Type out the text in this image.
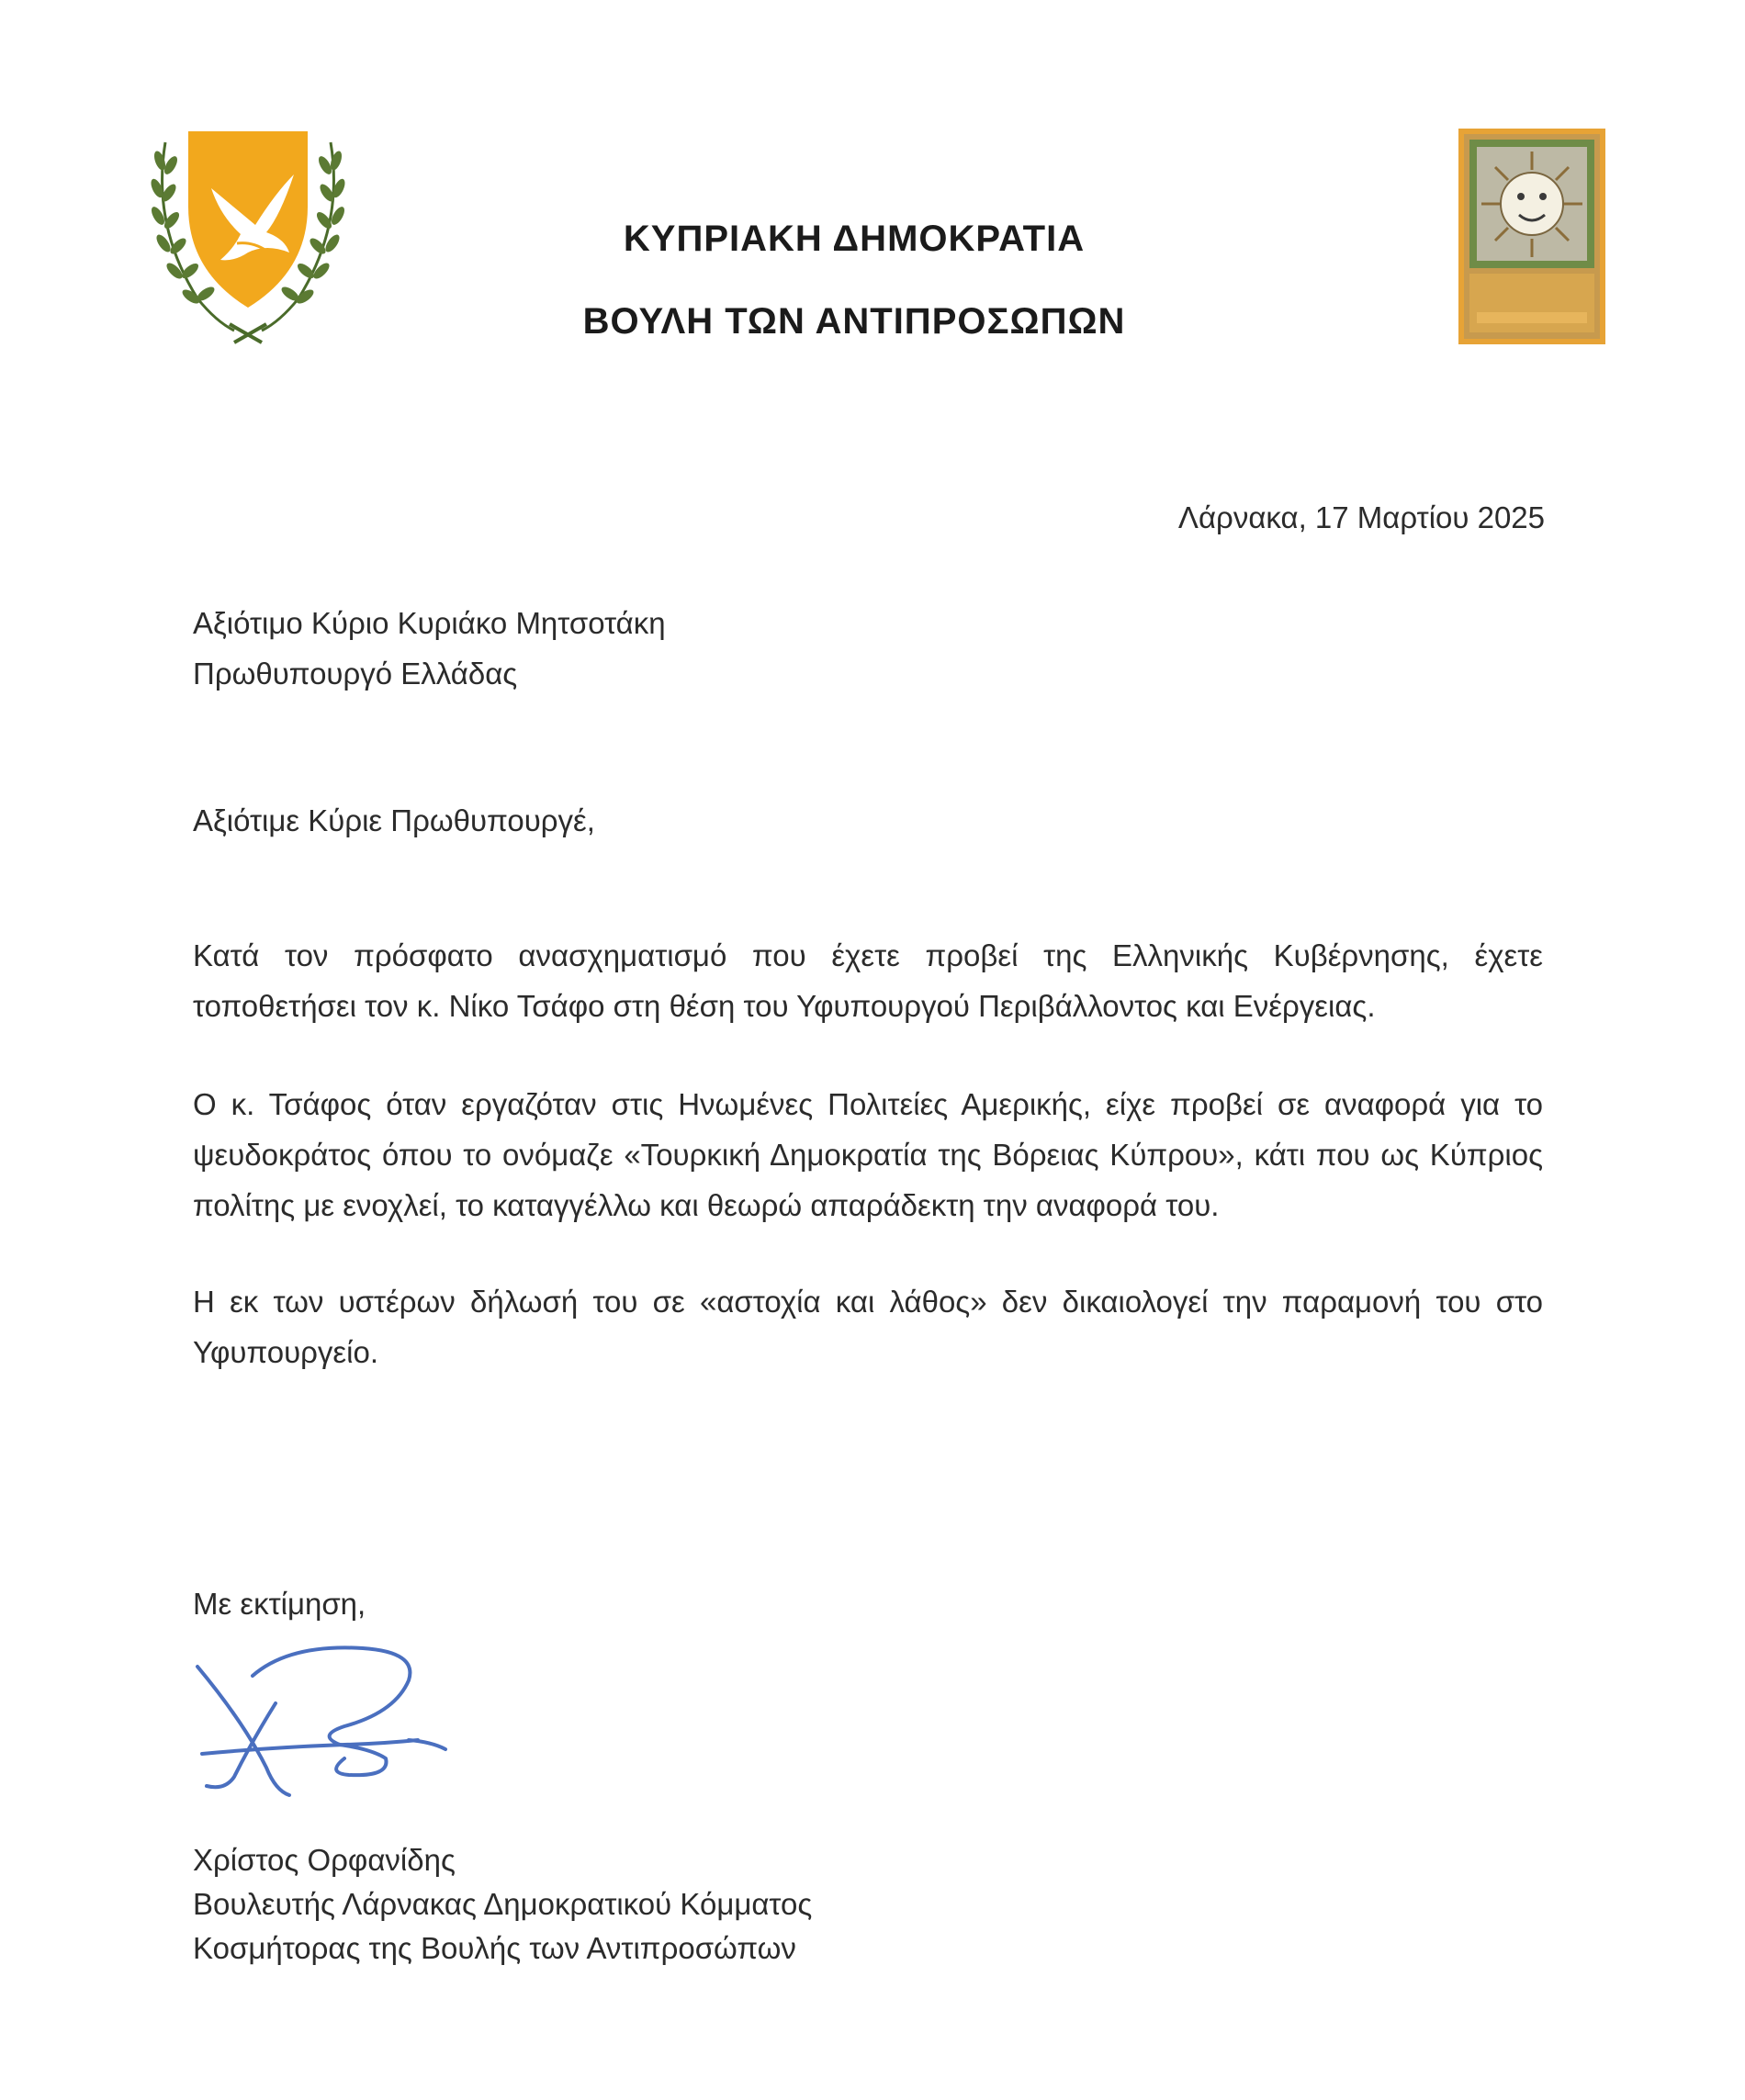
ΚΥΠΡΙΑΚΗ ΔΗΜΟΚΡΑΤΙΑ
ΒΟΥΛΗ ΤΩΝ ΑΝΤΙΠΡΟΣΩΠΩΝ
Λάρνακα, 17 Μαρτίου 2025
Αξιότιμο Κύριο Κυριάκο Μητσοτάκη
Πρωθυπουργό Ελλάδας
Αξιότιμε Κύριε Πρωθυπουργέ,
Κατά τον πρόσφατο ανασχηματισμό που έχετε προβεί της Ελληνικής Κυβέρνησης, έχετε τοποθετήσει τον κ. Νίκο Τσάφο στη θέση του Υφυπουργού Περιβάλλοντος και Ενέργειας.
Ο κ. Τσάφος όταν εργαζόταν στις Ηνωμένες Πολιτείες Αμερικής, είχε προβεί σε αναφορά για το ψευδοκράτος όπου το ονόμαζε «Τουρκική Δημοκρατία της Βόρειας Κύπρου», κάτι που ως Κύπριος πολίτης με ενοχλεί, το καταγγέλλω και θεωρώ απαράδεκτη την αναφορά του.
Η εκ των υστέρων δήλωσή του σε «αστοχία και λάθος» δεν δικαιολογεί την παραμονή του στο Υφυπουργείο.
Με εκτίμηση,
Χρίστος Ορφανίδης
Βουλευτής Λάρνακας Δημοκρατικού Κόμματος
Κοσμήτορας της Βουλής των Αντιπροσώπων
